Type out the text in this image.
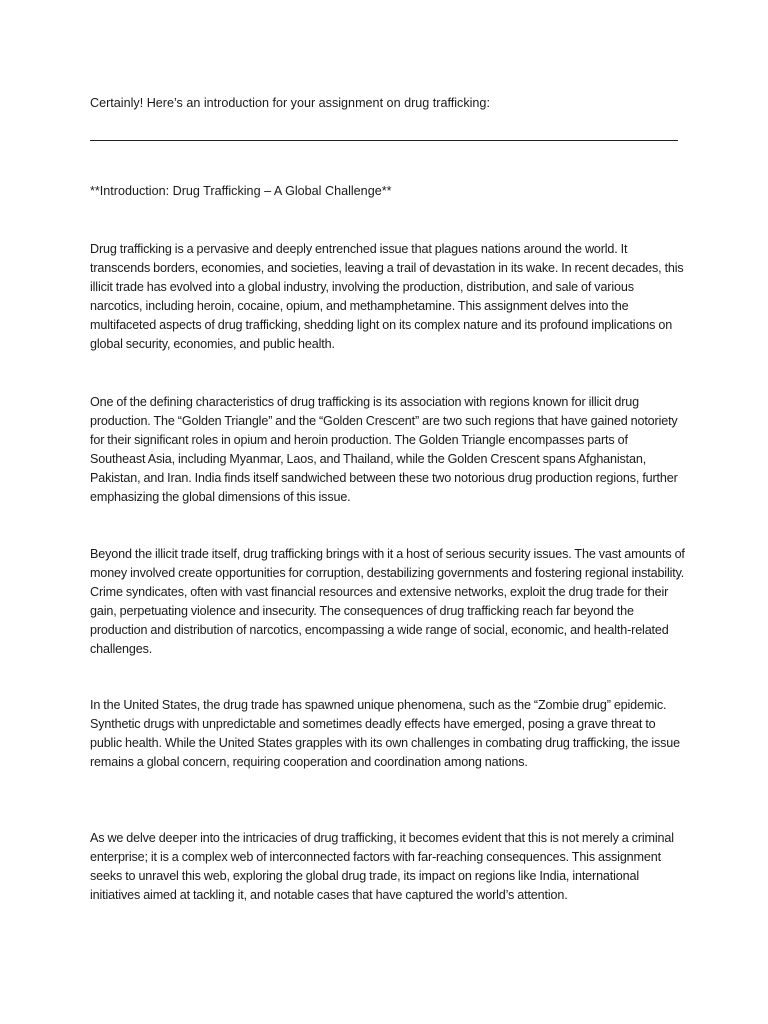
Certainly! Here’s an introduction for your assignment on drug trafficking:

**Introduction: Drug Trafficking – A Global Challenge**

Drug trafficking is a pervasive and deeply entrenched issue that plagues nations around the world. It transcends borders, economies, and societies, leaving a trail of devastation in its wake. In recent decades, this illicit trade has evolved into a global industry, involving the production, distribution, and sale of various narcotics, including heroin, cocaine, opium, and methamphetamine. This assignment delves into the multifaceted aspects of drug trafficking, shedding light on its complex nature and its profound implications on global security, economies, and public health.

One of the defining characteristics of drug trafficking is its association with regions known for illicit drug production. The “Golden Triangle” and the “Golden Crescent” are two such regions that have gained notoriety for their significant roles in opium and heroin production. The Golden Triangle encompasses parts of Southeast Asia, including Myanmar, Laos, and Thailand, while the Golden Crescent spans Afghanistan, Pakistan, and Iran. India finds itself sandwiched between these two notorious drug production regions, further emphasizing the global dimensions of this issue.

Beyond the illicit trade itself, drug trafficking brings with it a host of serious security issues. The vast amounts of money involved create opportunities for corruption, destabilizing governments and fostering regional instability. Crime syndicates, often with vast financial resources and extensive networks, exploit the drug trade for their gain, perpetuating violence and insecurity. The consequences of drug trafficking reach far beyond the production and distribution of narcotics, encompassing a wide range of social, economic, and health-related challenges.

In the United States, the drug trade has spawned unique phenomena, such as the “Zombie drug” epidemic. Synthetic drugs with unpredictable and sometimes deadly effects have emerged, posing a grave threat to public health. While the United States grapples with its own challenges in combating drug trafficking, the issue remains a global concern, requiring cooperation and coordination among nations.

As we delve deeper into the intricacies of drug trafficking, it becomes evident that this is not merely a criminal enterprise; it is a complex web of interconnected factors with far-reaching consequences. This assignment seeks to unravel this web, exploring the global drug trade, its impact on regions like India, international initiatives aimed at tackling it, and notable cases that have captured the world’s attention.
